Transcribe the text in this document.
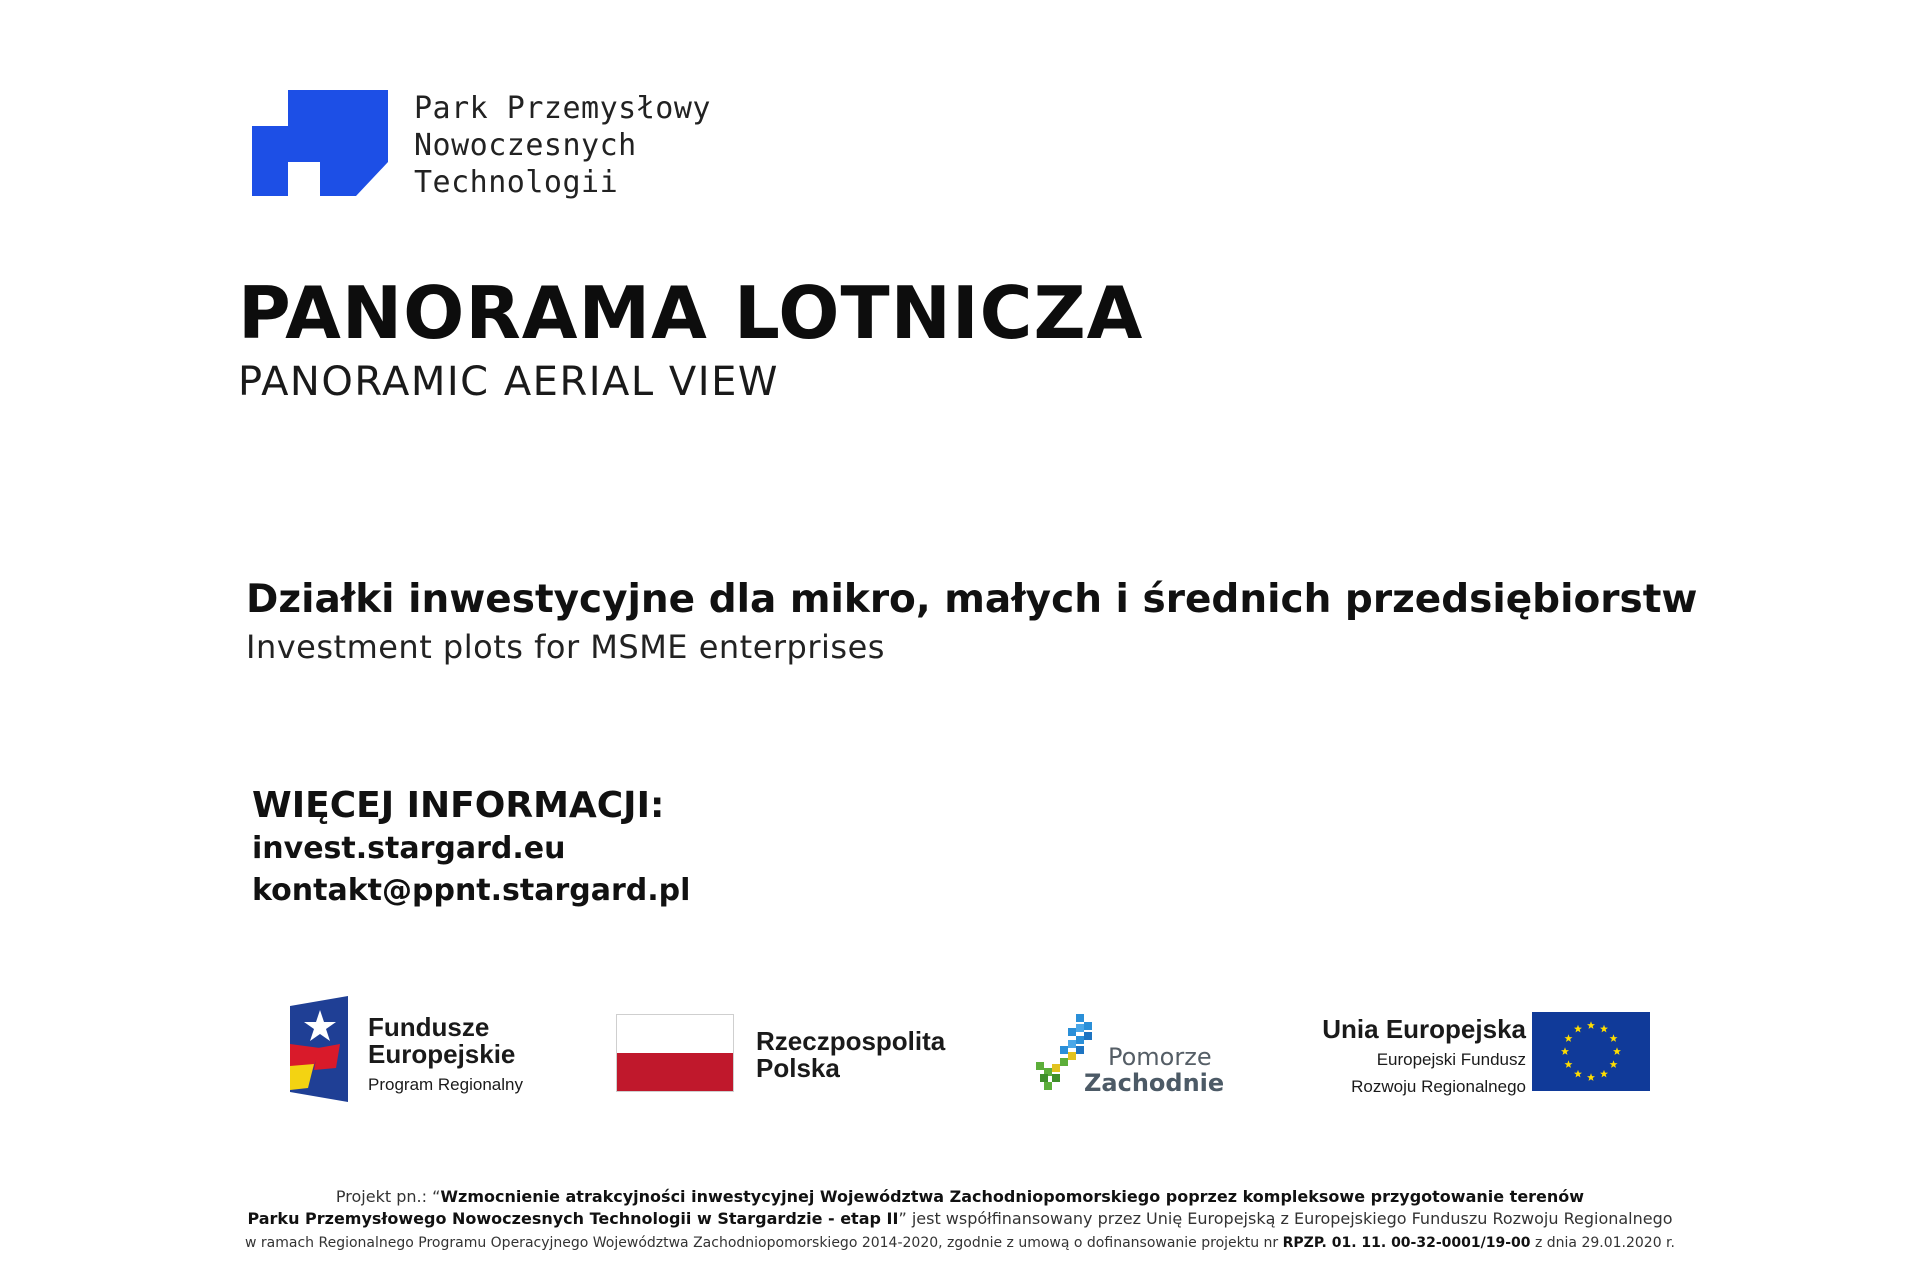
Park Przemysłowy
Nowoczesnych
Technologii
PANORAMA LOTNICZA
PANORAMIC AERIAL VIEW
Działki inwestycyjne dla mikro, małych i średnich przedsiębiorstw
Investment plots for MSME enterprises
WIĘCEJ INFORMACJI:
invest.stargard.eu
kontakt@ppnt.stargard.pl
Fundusze
Europejskie
Program Regionalny
Rzeczpospolita
Polska	Pomorze
Zachodnie
Unia Europejska
Europejski Fundusz
Rozwoju Regionalnego
Projekt pn.: “Wzmocnienie atrakcyjności inwestycyjnej Województwa Zachodniopomorskiego poprzez kompleksowe przygotowanie terenów
Parku Przemysłowego Nowoczesnych Technologii w Stargardzie - etap II” jest współfinansowany przez Unię Europejską z Europejskiego Funduszu Rozwoju Regionalnego
w ramach Regionalnego Programu Operacyjnego Województwa Zachodniopomorskiego 2014-2020, zgodnie z umową o dofinansowanie projektu nr RPZP. 01. 11. 00-32-0001/19-00 z dnia 29.01.2020 r.
